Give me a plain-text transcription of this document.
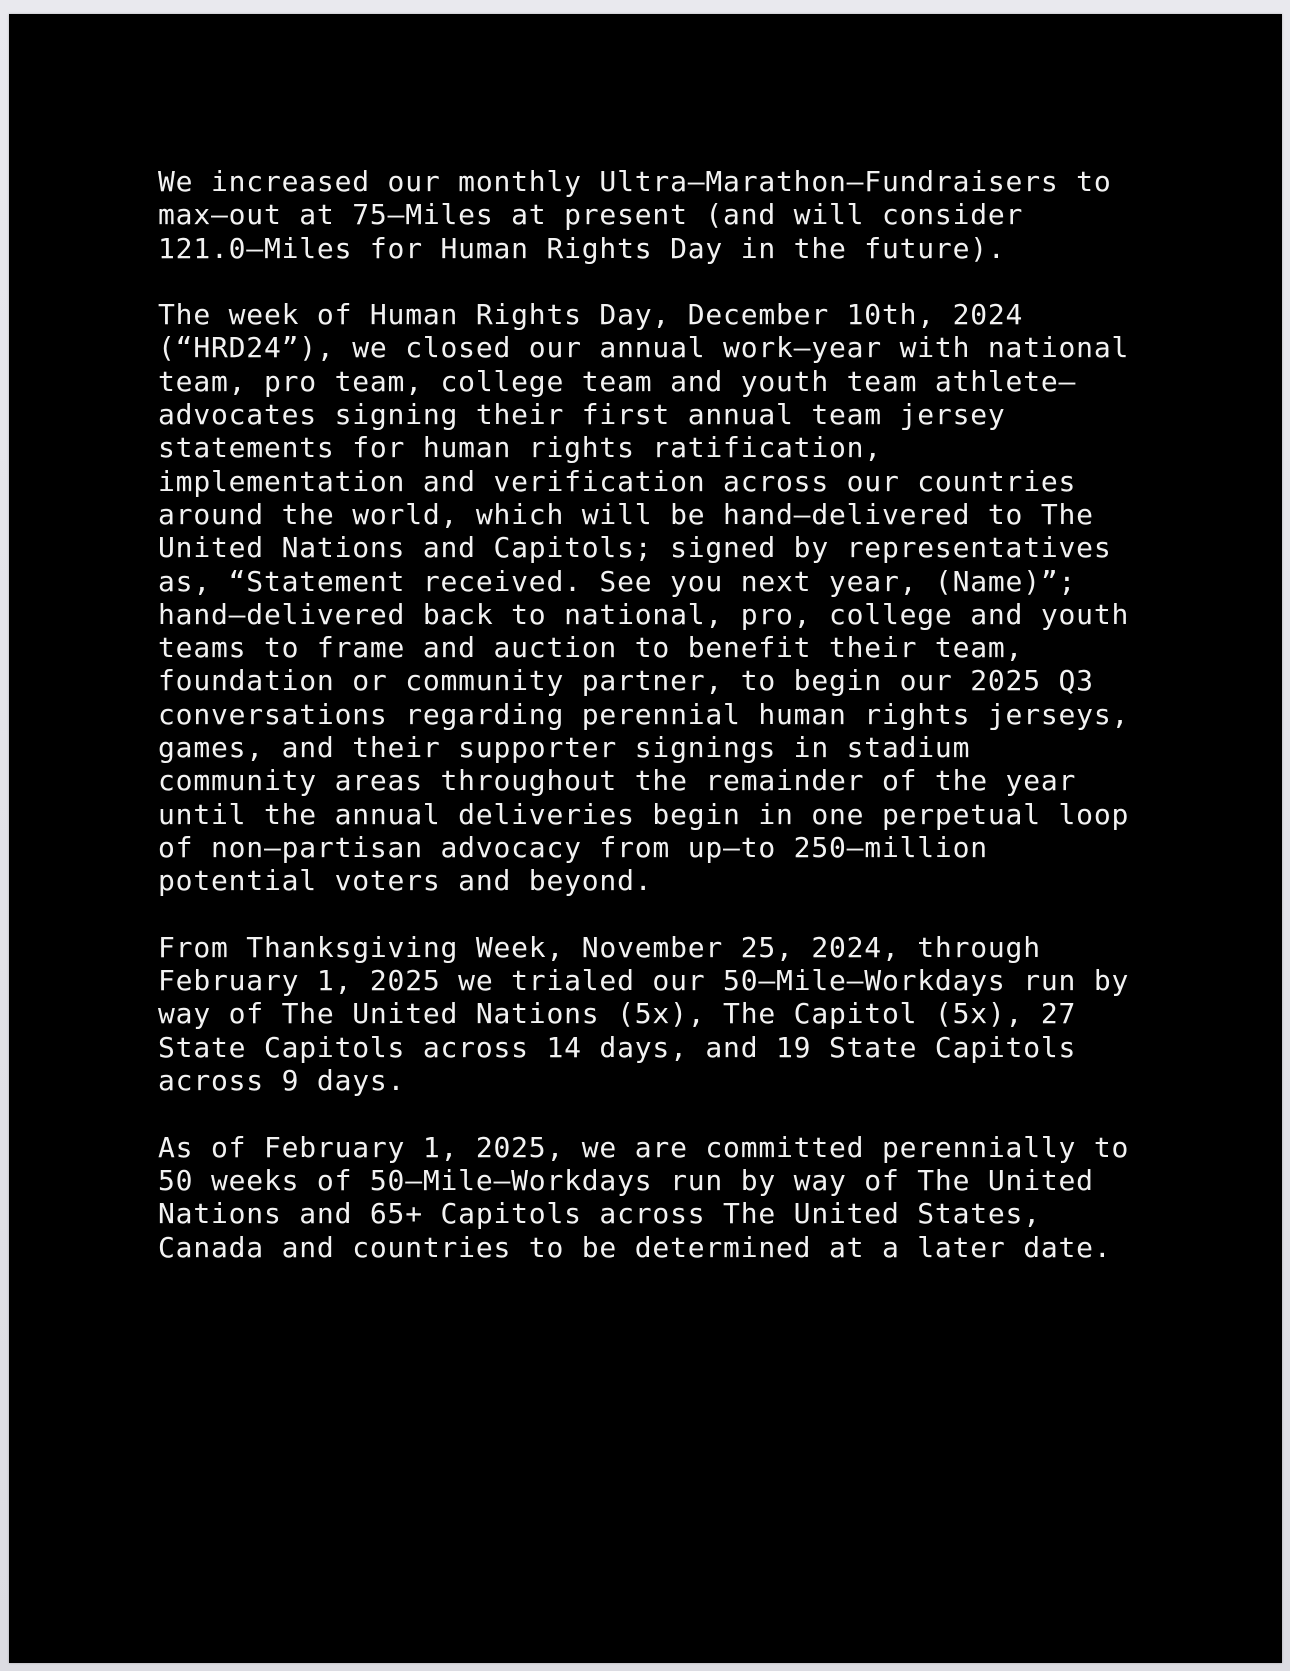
We increased our monthly Ultra–Marathon–Fundraisers to
max–out at 75–Miles at present (and will consider
121.0–Miles for Human Rights Day in the future).
The week of Human Rights Day, December 10th, 2024
(“HRD24”), we closed our annual work–year with national
team, pro team, college team and youth team athlete–
advocates signing their first annual team jersey
statements for human rights ratification,
implementation and verification across our countries
around the world, which will be hand–delivered to The
United Nations and Capitols; signed by representatives
as, “Statement received. See you next year, (Name)”;
hand–delivered back to national, pro, college and youth
teams to frame and auction to benefit their team,
foundation or community partner, to begin our 2025 Q3
conversations regarding perennial human rights jerseys,
games, and their supporter signings in stadium
community areas throughout the remainder of the year
until the annual deliveries begin in one perpetual loop
of non–partisan advocacy from up–to 250–million
potential voters and beyond.
From Thanksgiving Week, November 25, 2024, through
February 1, 2025 we trialed our 50–Mile–Workdays run by
way of The United Nations (5x), The Capitol (5x), 27
State Capitols across 14 days, and 19 State Capitols
across 9 days.
As of February 1, 2025, we are committed perennially to
50 weeks of 50–Mile–Workdays run by way of The United
Nations and 65+ Capitols across The United States,
Canada and countries to be determined at a later date.
